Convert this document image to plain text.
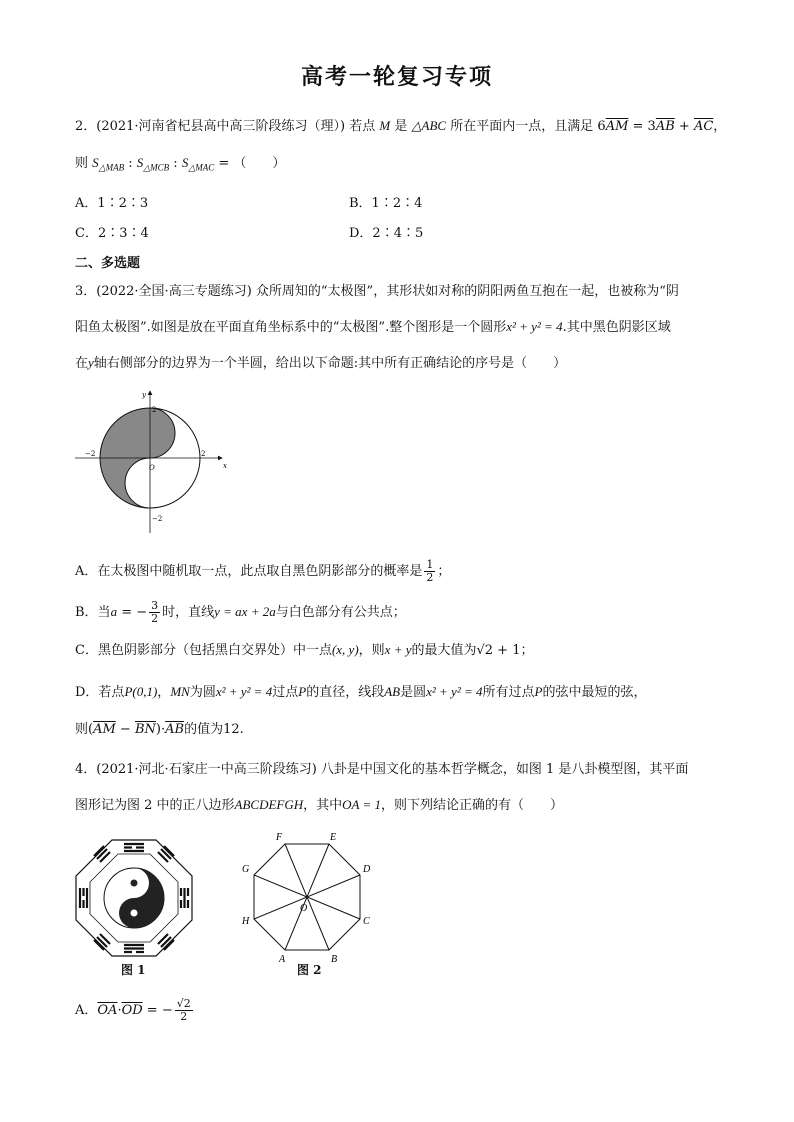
高考一轮复习专项
2．(2021·河南省杞县高中高三阶段练习（理）) 若点 M 是 △ABC 所在平面内一点，且满足 $6\overline{AM} = 3\overline{AB} + \overline{AC}$，
则 $S_{\triangle MAB}$ : $S_{\triangle MCB}$ : $S_{\triangle MAC}$ = （　　）
A．1∶2∶3	B．1∶2∶4
C．2∶3∶4	D．2∶4∶5
二、多选题
3．(2022·全国·高三专题练习) 众所周知的“太极图”，其形状如对称的阴阳两鱼互抱在一起，也被称为“阴
阳鱼太极图”.如图是放在平面直角坐标系中的“太极图”.整个图形是一个圆形x² + y² = 4.其中黑色阴影区域
在y轴右侧部分的边界为一个半圆，给出以下命题:其中所有正确结论的序号是（　　）
x
y
2
−2	2
−2
O
A．在太极图中随机取一点，此点取自黑色阴影部分的概率是 $\frac{1}{2}$ ；
B．当a = − $\frac{3}{2}$ 时，直线y = ax + 2a与白色部分有公共点；
C．黑色阴影部分（包括黑白交界处）中一点(x, y)，则x + y的最大值为√2 + 1；
D．若点P(0,1)，MN为圆x² + y² = 4过点P的直径，线段AB是圆x² + y² = 4所有过点P的弦中最短的弦，
则$(\overline{AM} - \overline{BN})\cdot\overline{AB}$的值为12.
4．(2021·河北·石家庄一中高三阶段练习) 八卦是中国文化的基本哲学概念，如图 1 是八卦模型图，其平面
图形记为图 2 中的正八边形ABCDEFGH，其中OA = 1，则下列结论正确的有（　　）
图 1
A	B
C
D
E
F
G
H
O
图 2
A．$\overline{OA}\cdot\overline{OD}$ = − $\frac{√2}{2}$
